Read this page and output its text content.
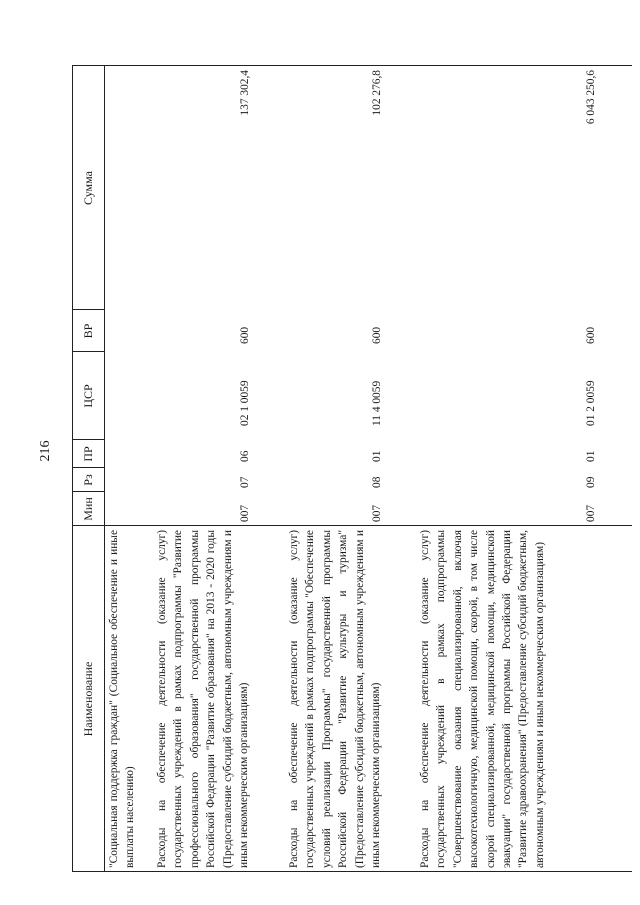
216
Наименование
Мин
Рз
ПР
ЦСР
ВР
Сумма
"Социальная поддержка граждан" (Социальное обеспечение и иные выплаты населению) Расходы на обеспечение деятельности (оказание услуг) государственных учреждений в рамках подпрограммы "Развитие профессионального образования" государственной программы Российской Федерации "Развитие образования" на 2013 - 2020 годы (Предоставление субсидий бюджетным, автономным учреждениям и иным некоммерческим организациям)
007
07
06
02 1 0059
600
137 302,4
Расходы на обеспечение деятельности (оказание услуг) государственных учреждений в рамках подпрограммы "Обеспечение условий реализации Программы" государственной программы Российской Федерации "Развитие культуры и туризма" (Предоставление субсидий бюджетным, автономным учреждениям и иным некоммерческим организациям)
007
08
01
11 4 0059
600
102 276,8
Расходы на обеспечение деятельности (оказание услуг) государственных учреждений в рамках подпрограммы "Совершенствование оказания специализированной, включая высокотехнологичную, медицинской помощи, скорой, в том числе скорой специализированной, медицинской помощи, медицинской эвакуации" государственной программы Российской Федерации "Развитие здравоохранения" (Предоставление субсидий бюджетным, автономным учреждениям и иным некоммерческим организациям)
007
09
01
01 2 0059
600
6 043 250,6
